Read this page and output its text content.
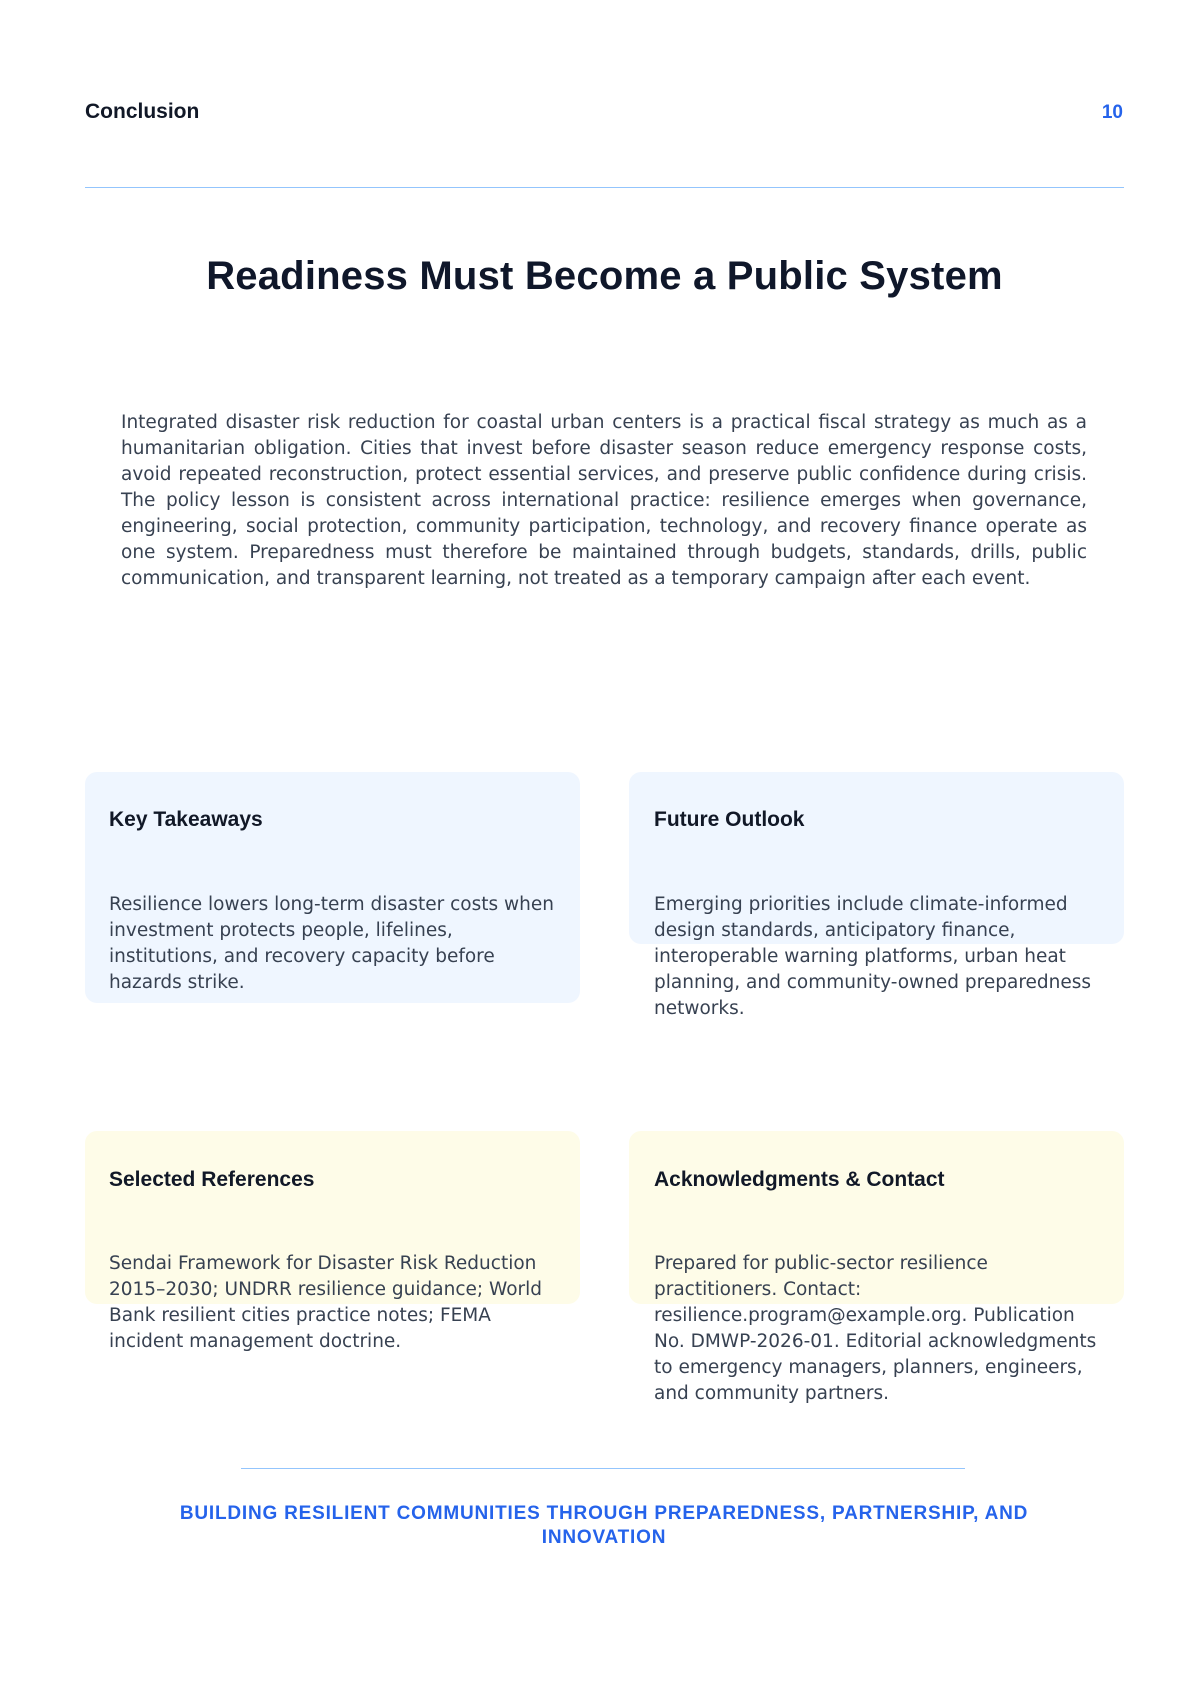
Conclusion	10
Readiness Must Become a Public System

Integrated disaster risk reduction for coastal urban centers is a practical fiscal strategy as much as a humanitarian obligation. Cities that invest before disaster season reduce emergency response costs, avoid repeated reconstruction, protect essential services, and preserve public confidence during crisis. The policy lesson is consistent across international practice: resilience emerges when governance, engineering, social protection, community participation, technology, and recovery finance operate as one system. Preparedness must therefore be maintained through budgets, standards, drills, public communication, and transparent learning, not treated as a temporary campaign after each event.

Key Takeaways

Resilience lowers long-term disaster costs when investment protects people, lifelines, institutions, and recovery capacity before hazards strike.

Future Outlook

Emerging priorities include climate-informed design standards, anticipatory finance, interoperable warning platforms, urban heat planning, and community-owned preparedness networks.

Selected References

Sendai Framework for Disaster Risk Reduction 2015–2030; UNDRR resilience guidance; World Bank resilient cities practice notes; FEMA incident management doctrine.

Acknowledgments & Contact

Prepared for public-sector resilience practitioners. Contact: resilience.program@example.org. Publication No. DMWP-2026-01. Editorial acknowledgments to emergency managers, planners, engineers, and community partners.

BUILDING RESILIENT COMMUNITIES THROUGH PREPAREDNESS, PARTNERSHIP, AND INNOVATION
